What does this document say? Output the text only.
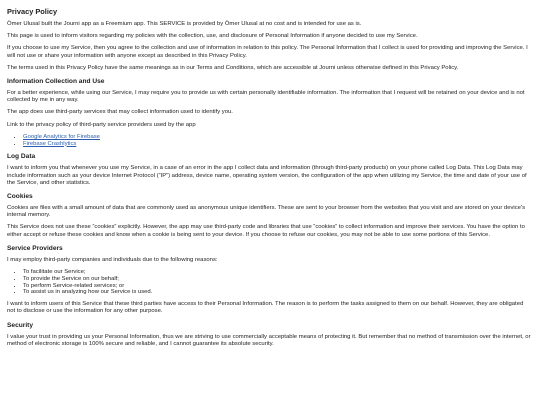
Privacy Policy

Ömer Ulusal built the Journi app as a Freemium app. This SERVICE is provided by Ömer Ulusal at no cost and is intended for use as is.

This page is used to inform visitors regarding my policies with the collection, use, and disclosure of Personal Information if anyone decided to use my Service.

If you choose to use my Service, then you agree to the collection and use of information in relation to this policy. The Personal Information that I collect is used for providing and improving the Service. I will not use or share your information with anyone except as described in this Privacy Policy.

The terms used in this Privacy Policy have the same meanings as in our Terms and Conditions, which are accessible at Journi unless otherwise defined in this Privacy Policy.

Information Collection and Use

For a better experience, while using our Service, I may require you to provide us with certain personally identifiable information. The information that I request will be retained on your device and is not collected by me in any way.

The app does use third-party services that may collect information used to identify you.

Link to the privacy policy of third-party service providers used by the app

• Google Analytics for Firebase
• Firebase Crashlytics
Log Data

I want to inform you that whenever you use my Service, in a case of an error in the app I collect data and information (through third-party products) on your phone called Log Data. This Log Data may include information such as your device Internet Protocol (“IP”) address, device name, operating system version, the configuration of the app when utilizing my Service, the time and date of your use of the Service, and other statistics.

Cookies

Cookies are files with a small amount of data that are commonly used as anonymous unique identifiers. These are sent to your browser from the websites that you visit and are stored on your device's internal memory.

This Service does not use these “cookies” explicitly. However, the app may use third-party code and libraries that use “cookies” to collect information and improve their services. You have the option to either accept or refuse these cookies and know when a cookie is being sent to your device. If you choose to refuse our cookies, you may not be able to use some portions of this Service.

Service Providers

I may employ third-party companies and individuals due to the following reasons:

• To facilitate our Service;
• To provide the Service on our behalf;
• To perform Service-related services; or
• To assist us in analyzing how our Service is used.

I want to inform users of this Service that these third parties have access to their Personal Information. The reason is to perform the tasks assigned to them on our behalf. However, they are obligated not to disclose or use the information for any other purpose.

Security

I value your trust in providing us your Personal Information, thus we are striving to use commercially acceptable means of protecting it. But remember that no method of transmission over the internet, or method of electronic storage is 100% secure and reliable, and I cannot guarantee its absolute security.
